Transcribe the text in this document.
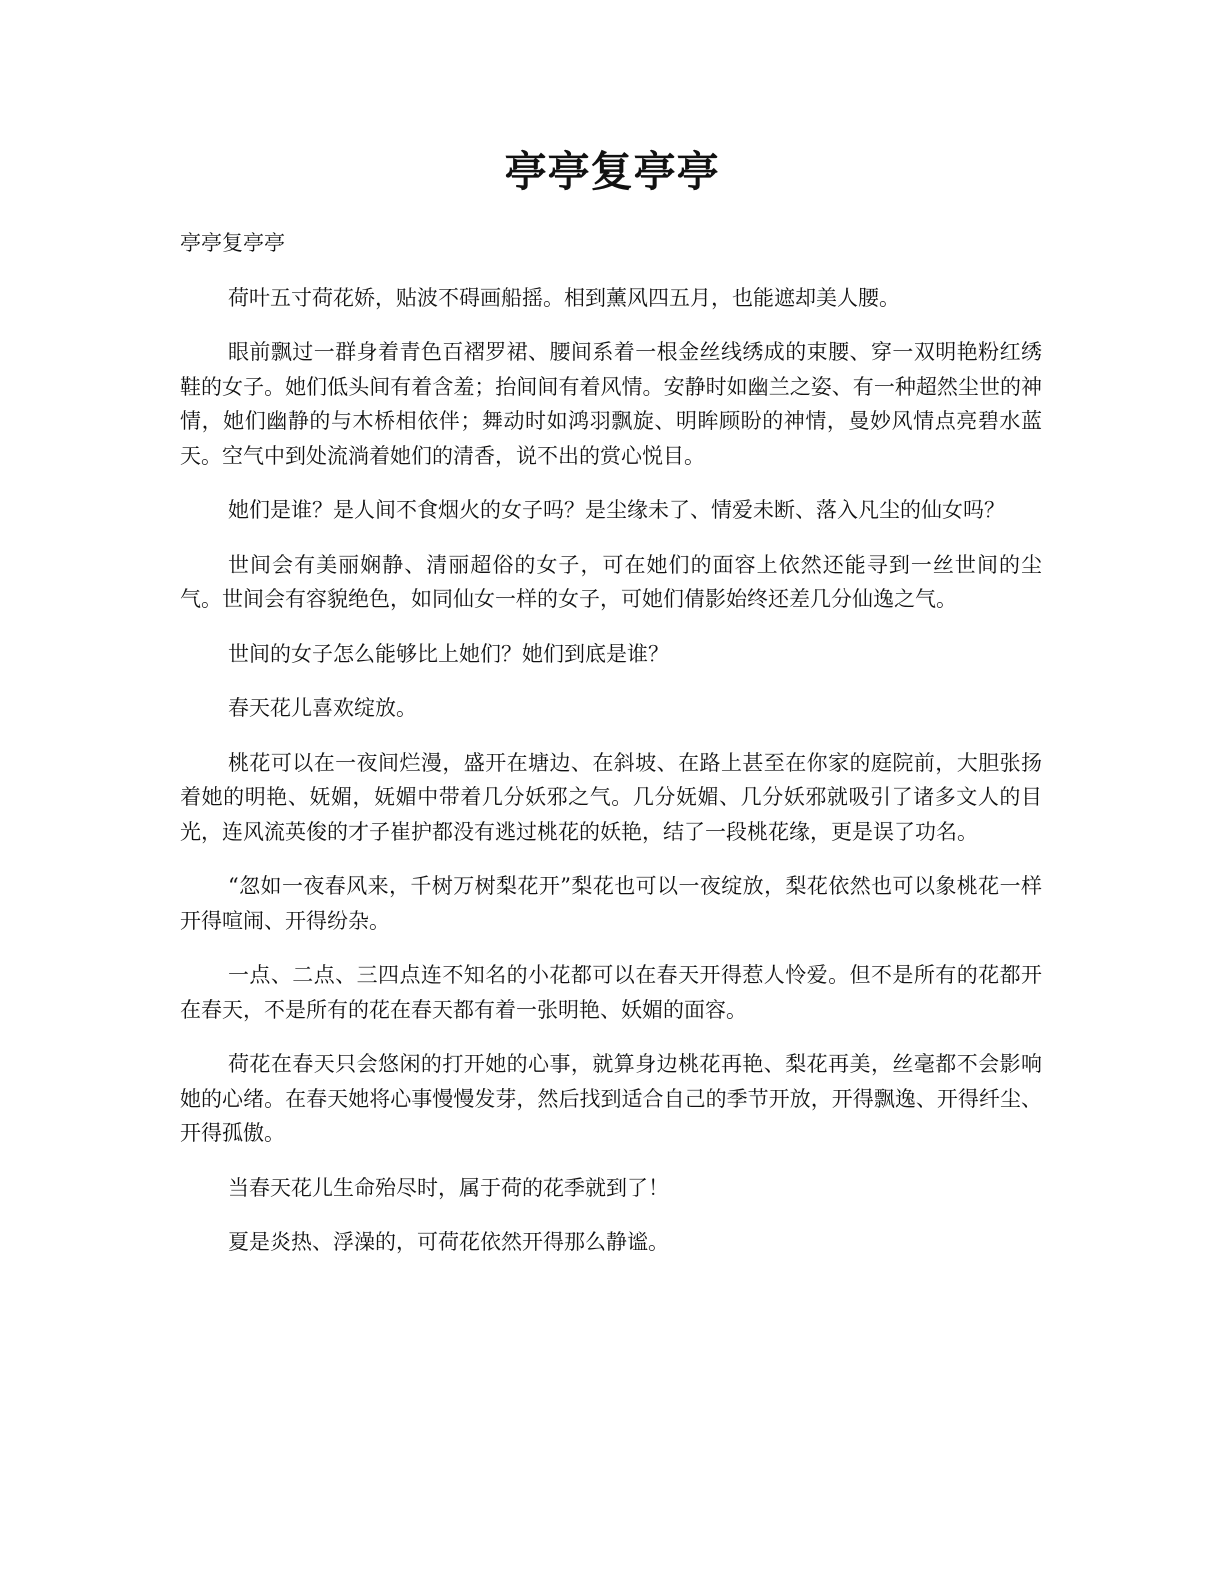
亭亭复亭亭

亭亭复亭亭

荷叶五寸荷花娇，贴波不碍画船摇。相到薰风四五月，也能遮却美人腰。

眼前飘过一群身着青色百褶罗裙、腰间系着一根金丝线绣成的束腰、穿一双明艳粉红绣鞋的女子。她们低头间有着含羞；抬间间有着风情。安静时如幽兰之姿、有一种超然尘世的神情，她们幽静的与木桥相依伴；舞动时如鸿羽飘旋、明眸顾盼的神情，曼妙风情点亮碧水蓝天。空气中到处流淌着她们的清香，说不出的赏心悦目。

她们是谁？是人间不食烟火的女子吗？是尘缘未了、情爱未断、落入凡尘的仙女吗？

世间会有美丽娴静、清丽超俗的女子，可在她们的面容上依然还能寻到一丝世间的尘气。世间会有容貌绝色，如同仙女一样的女子，可她们倩影始终还差几分仙逸之气。

世间的女子怎么能够比上她们？她们到底是谁？

春天花儿喜欢绽放。

桃花可以在一夜间烂漫，盛开在塘边、在斜坡、在路上甚至在你家的庭院前，大胆张扬着她的明艳、妩媚，妩媚中带着几分妖邪之气。几分妩媚、几分妖邪就吸引了诸多文人的目光，连风流英俊的才子崔护都没有逃过桃花的妖艳，结了一段桃花缘，更是误了功名。

“忽如一夜春风来，千树万树梨花开”梨花也可以一夜绽放，梨花依然也可以象桃花一样开得喧闹、开得纷杂。

一点、二点、三四点连不知名的小花都可以在春天开得惹人怜爱。但不是所有的花都开在春天，不是所有的花在春天都有着一张明艳、妖媚的面容。

荷花在春天只会悠闲的打开她的心事，就算身边桃花再艳、梨花再美，丝毫都不会影响她的心绪。在春天她将心事慢慢发芽，然后找到适合自己的季节开放，开得飘逸、开得纤尘、开得孤傲。

当春天花儿生命殆尽时，属于荷的花季就到了！

夏是炎热、浮澡的，可荷花依然开得那么静谧。
